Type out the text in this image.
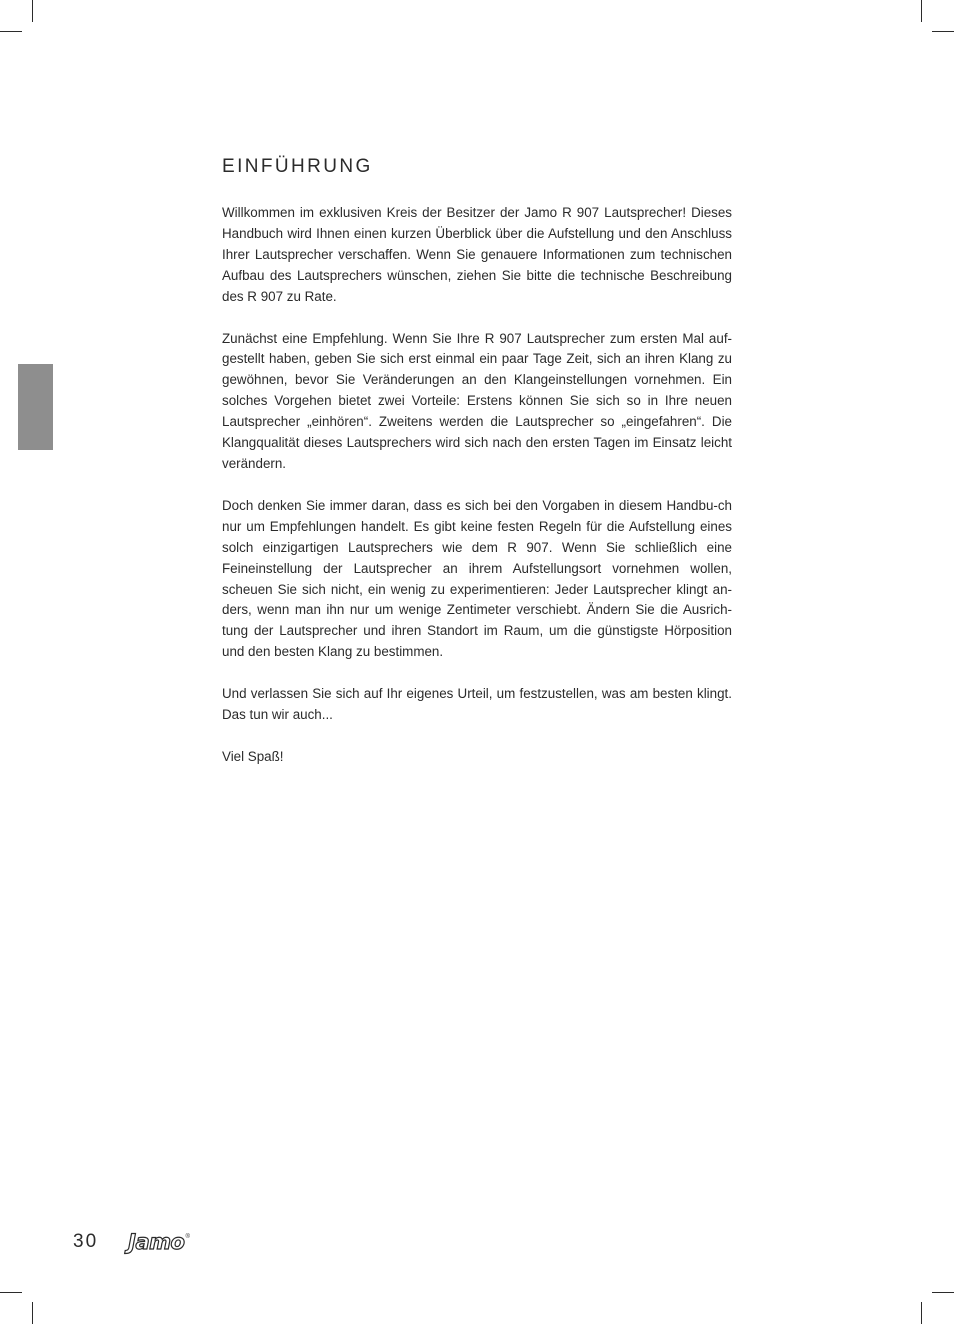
EINFÜHRUNG

Willkommen im exklusiven Kreis der Besitzer der Jamo R 907 Lautsprecher! Dieses Handbuch wird Ihnen einen kurzen Überblick über die Aufstellung und den Anschluss Ihrer Lautsprecher verschaffen. Wenn Sie genauere Informationen zum technischen Aufbau des Lautsprechers wünschen, ziehen Sie bitte die technische Beschreibung des R 907 zu Rate.

Zunächst eine Empfehlung. Wenn Sie Ihre R 907 Lautsprecher zum ersten Mal auf-gestellt haben, geben Sie sich erst einmal ein paar Tage Zeit, sich an ihren Klang zu gewöhnen, bevor Sie Veränderungen an den Klangeinstellungen vornehmen. Ein solches Vorgehen bietet zwei Vorteile: Erstens können Sie sich so in Ihre neuen Lautsprecher „einhören“. Zweitens werden die Lautsprecher so „eingefahren“. Die Klangqualität dieses Lautsprechers wird sich nach den ersten Tagen im Einsatz leicht verändern.

Doch denken Sie immer daran, dass es sich bei den Vorgaben in diesem Handbu-ch nur um Empfehlungen handelt. Es gibt keine festen Regeln für die Aufstellung eines solch einzigartigen Lautsprechers wie dem R 907. Wenn Sie schließlich eine Feineinstellung der Lautsprecher an ihrem Aufstellungsort vornehmen wollen, scheuen Sie sich nicht, ein wenig zu experimentieren: Jeder Lautsprecher klingt an-ders, wenn man ihn nur um wenige Zentimeter verschiebt. Ändern Sie die Ausrich-tung der Lautsprecher und ihren Standort im Raum, um die günstigste Hörposition und den besten Klang zu bestimmen.

Und verlassen Sie sich auf Ihr eigenes Urteil, um festzustellen, was am besten klingt. Das tun wir auch...

Viel Spaß!

30 Jamo ®
